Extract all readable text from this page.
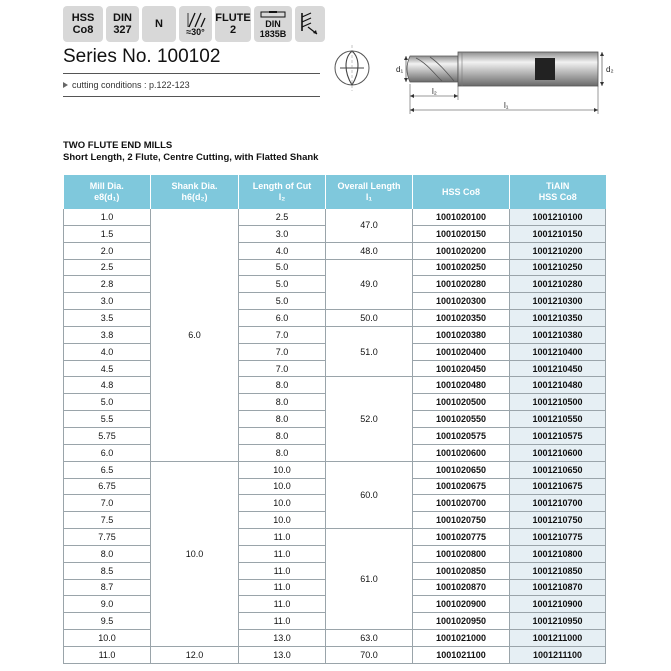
HSS
Co8
DIN
327 N
≈30°
FLUTE
2
DIN
1835B
Series No. 100102
cutting conditions : p.122-123
d₁	d₂
l₂
l₁
TWO FLUTE END MILLS
Short Length, 2 Flute, Centre Cutting, with Flatted Shank
Mill Dia.
e8(d₁)	Shank Dia.
h6(d₂)	Length of Cut
l₂	Overall Length
l₁	HSS Co8	TiAlN
HSS Co8
1.0	6.0	2.5	47.0	1001020100	1001210100
1.5		3.0		1001020150	1001210150
2.0		4.0	48.0	1001020200	1001210200
2.5		5.0	49.0	1001020250	1001210250
2.8		5.0		1001020280	1001210280
3.0		5.0		1001020300	1001210300
3.5		6.0	50.0	1001020350	1001210350
3.8		7.0	51.0	1001020380	1001210380
4.0		7.0		1001020400	1001210400
4.5		7.0		1001020450	1001210450
4.8		8.0	52.0	1001020480	1001210480
5.0		8.0		1001020500	1001210500
5.5		8.0		1001020550	1001210550
5.75		8.0		1001020575	1001210575
6.0		8.0		1001020600	1001210600
6.5	10.0	10.0	60.0	1001020650	1001210650
6.75		10.0		1001020675	1001210675
7.0		10.0		1001020700	1001210700
7.5		10.0		1001020750	1001210750
7.75		11.0	61.0	1001020775	1001210775
8.0		11.0		1001020800	1001210800
8.5		11.0		1001020850	1001210850
8.7		11.0		1001020870	1001210870
9.0		11.0		1001020900	1001210900
9.5		11.0		1001020950	1001210950
10.0		13.0	63.0	1001021000	1001211000
11.0	12.0	13.0	70.0	1001021100	1001211100
